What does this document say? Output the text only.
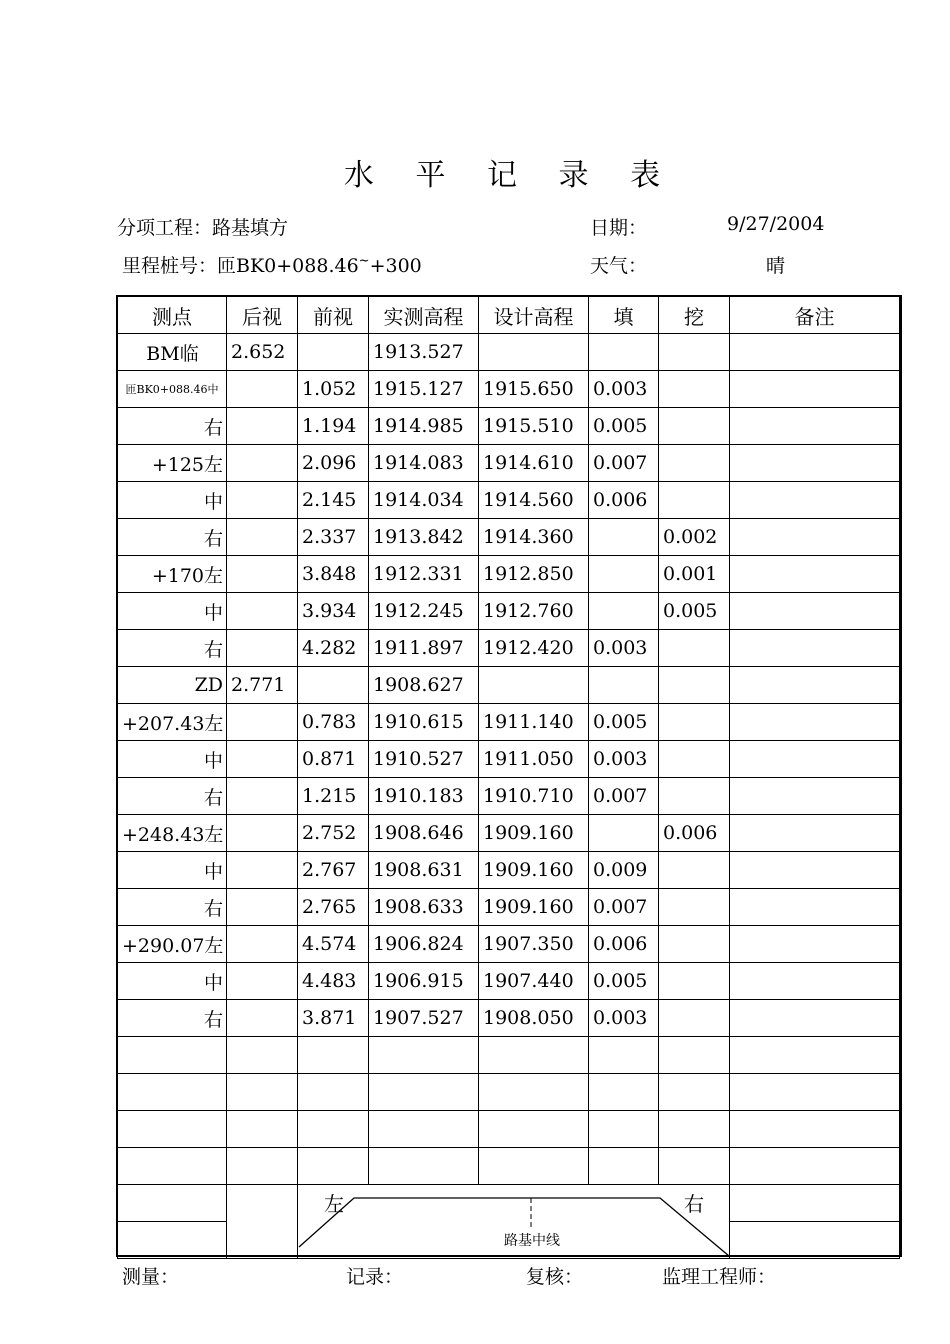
水 平 记 录 表
分项工程：路基填方
里程桩号：匝BK0+088.46~+300
日期：	9/27/2004
天气：	晴
测点	后视	前视	实测高程	设计高程	填	挖	备注
BM临	2.652		1913.527				
匝BK0+088.46中		1.052	1915.127	1915.650	0.003		
右		1.194	1914.985	1915.510	0.005		
+125左		2.096	1914.083	1914.610	0.007		
中		2.145	1914.034	1914.560	0.006		
右		2.337	1913.842	1914.360		0.002	
+170左		3.848	1912.331	1912.850		0.001	
中		3.934	1912.245	1912.760		0.005	
右		4.282	1911.897	1912.420	0.003		
ZD	2.771		1908.627				
+207.43左		0.783	1910.615	1911.140	0.005		
中		0.871	1910.527	1911.050	0.003		
右		1.215	1910.183	1910.710	0.007		
+248.43左		2.752	1908.646	1909.160		0.006	
中		2.767	1908.631	1909.160	0.009		
右		2.765	1908.633	1909.160	0.007		
+290.07左		4.574	1906.824	1907.350	0.006		
中		4.483	1906.915	1907.440	0.005		
右		3.871	1907.527	1908.050	0.003		

左 右
路基中线					

测量：	记录：	复核：	监理工程师：
